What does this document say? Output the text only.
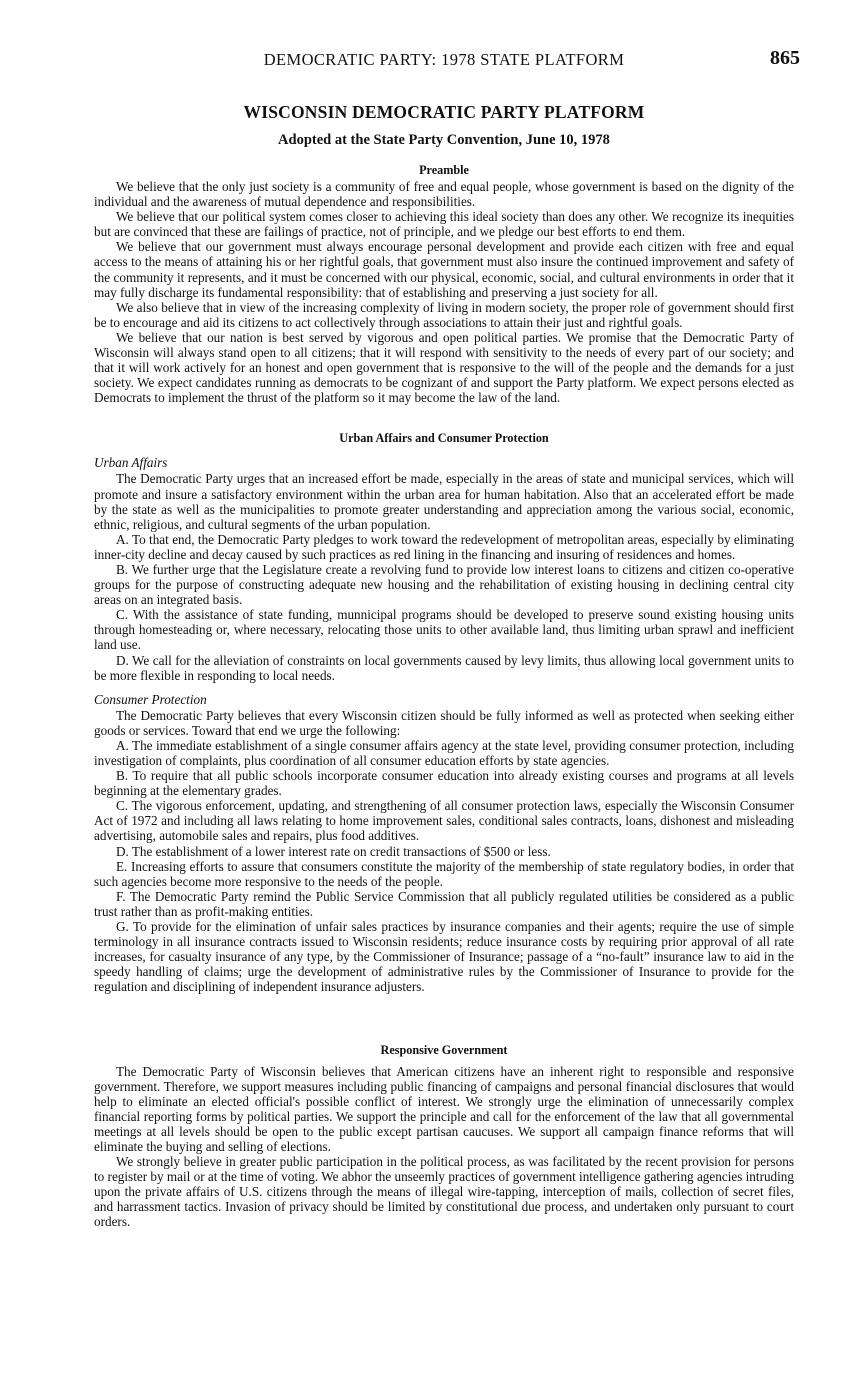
DEMOCRATIC PARTY: 1978 STATE PLATFORM	865
WISCONSIN DEMOCRATIC PARTY PLATFORM
Adopted at the State Party Convention, June 10, 1978
Preamble

We believe that the only just society is a community of free and equal people, whose government is based on the dignity of the individual and the awareness of mutual dependence and responsibilities.

We believe that our political system comes closer to achieving this ideal society than does any other. We recognize its inequities but are convinced that these are failings of practice, not of principle, and we pledge our best efforts to end them.

We believe that our government must always encourage personal development and provide each citizen with free and equal access to the means of attaining his or her rightful goals, that government must also insure the continued improvement and safety of the community it represents, and it must be concerned with our physical, economic, social, and cultural environments in order that it may fully discharge its fundamental responsibility: that of establishing and preserving a just society for all.

We also believe that in view of the increasing complexity of living in modern society, the proper role of government should first be to encourage and aid its citizens to act collectively through associations to attain their just and rightful goals.

We believe that our nation is best served by vigorous and open political parties. We promise that the Democratic Party of Wisconsin will always stand open to all citizens; that it will respond with sensitivity to the needs of every part of our society; and that it will work actively for an honest and open government that is responsive to the will of the people and the demands for a just society. We expect candidates running as democrats to be cognizant of and support the Party platform. We expect persons elected as Democrats to implement the thrust of the platform so it may become the law of the land.

Urban Affairs and Consumer Protection
Urban Affairs

The Democratic Party urges that an increased effort be made, especially in the areas of state and municipal services, which will promote and insure a satisfactory environment within the urban area for human habitation. Also that an accelerated effort be made by the state as well as the municipalities to promote greater understanding and appreciation among the various social, economic, ethnic, religious, and cultural segments of the urban population.

A. To that end, the Democratic Party pledges to work toward the redevelopment of metropolitan areas, especially by eliminating inner-city decline and decay caused by such practices as red lining in the financing and insuring of residences and homes.

B. We further urge that the Legislature create a revolving fund to provide low interest loans to citizens and citizen co-operative groups for the purpose of constructing adequate new housing and the rehabilitation of existing housing in declining central city areas on an integrated basis.

C. With the assistance of state funding, munnicipal programs should be developed to preserve sound existing housing units through homesteading or, where necessary, relocating those units to other available land, thus limiting urban sprawl and inefficient land use.

D. We call for the alleviation of constraints on local governments caused by levy limits, thus allowing local government units to be more flexible in responding to local needs.

Consumer Protection

The Democratic Party believes that every Wisconsin citizen should be fully informed as well as protected when seeking either goods or services. Toward that end we urge the following:

A. The immediate establishment of a single consumer affairs agency at the state level, providing consumer protection, including investigation of complaints, plus coordination of all consumer education efforts by state agencies.

B. To require that all public schools incorporate consumer education into already existing courses and programs at all levels beginning at the elementary grades.

C. The vigorous enforcement, updating, and strengthening of all consumer protection laws, especially the Wisconsin Consumer Act of 1972 and including all laws relating to home improvement sales, conditional sales contracts, loans, dishonest and misleading advertising, automobile sales and repairs, plus food additives.

D. The establishment of a lower interest rate on credit transactions of $500 or less.

E. Increasing efforts to assure that consumers constitute the majority of the membership of state regulatory bodies, in order that such agencies become more responsive to the needs of the people.

F. The Democratic Party remind the Public Service Commission that all publicly regulated utilities be considered as a public trust rather than as profit-making entities.

G. To provide for the elimination of unfair sales practices by insurance companies and their agents; require the use of simple terminology in all insurance contracts issued to Wisconsin residents; reduce insurance costs by requiring prior approval of all rate increases, for casualty insurance of any type, by the Commissioner of Insurance; passage of a “no-fault” insurance law to aid in the speedy handling of claims; urge the development of administrative rules by the Commissioner of Insurance to provide for the regulation and disciplining of independent insurance adjusters.

Responsive Government

The Democratic Party of Wisconsin believes that American citizens have an inherent right to responsible and responsive government. Therefore, we support measures including public financing of campaigns and personal financial disclosures that would help to eliminate an elected official's possible conflict of interest. We strongly urge the elimination of unnecessarily complex financial reporting forms by political parties. We support the principle and call for the enforcement of the law that all governmental meetings at all levels should be open to the public except partisan caucuses. We support all campaign finance reforms that will eliminate the buying and selling of elections.

We strongly believe in greater public participation in the political process, as was facilitated by the recent provision for persons to register by mail or at the time of voting. We abhor the unseemly practices of government intelligence gathering agencies intruding upon the private affairs of U.S. citizens through the means of illegal wire-tapping, interception of mails, collection of secret files, and harrassment tactics. Invasion of privacy should be limited by constitutional due process, and undertaken only pursuant to court orders.
